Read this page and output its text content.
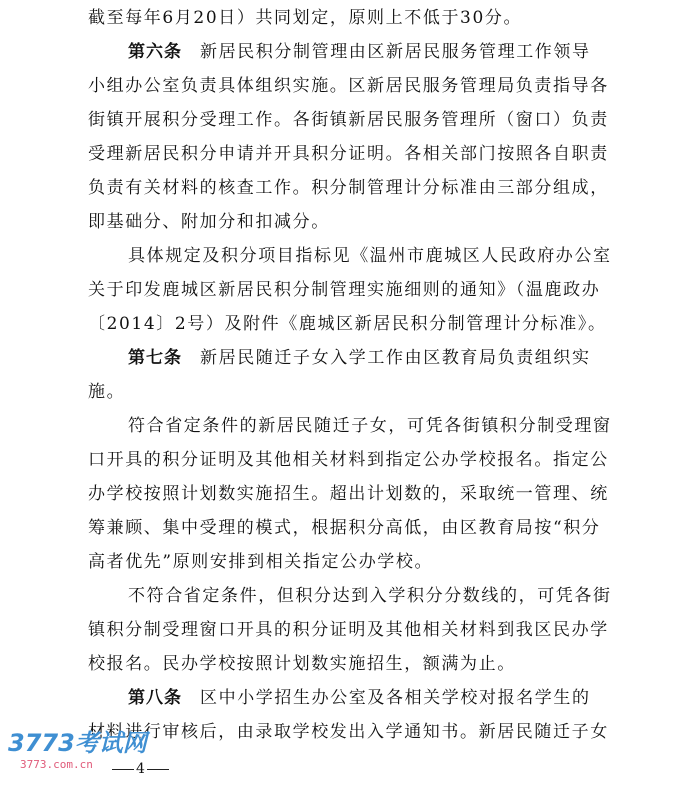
截至每年6月20日）共同划定，原则上不低于30分。
第六条 新居民积分制管理由区新居民服务管理工作领导
小组办公室负责具体组织实施。区新居民服务管理局负责指导各
街镇开展积分受理工作。各街镇新居民服务管理所（窗口）负责
受理新居民积分申请并开具积分证明。各相关部门按照各自职责
负责有关材料的核查工作。积分制管理计分标准由三部分组成，
即基础分、附加分和扣减分。
具体规定及积分项目指标见《温州市鹿城区人民政府办公室
关于印发鹿城区新居民积分制管理实施细则的通知》（温鹿政办
〔2014〕2号）及附件《鹿城区新居民积分制管理计分标准》。
第七条 新居民随迁子女入学工作由区教育局负责组织实
施。
符合省定条件的新居民随迁子女，可凭各街镇积分制受理窗
口开具的积分证明及其他相关材料到指定公办学校报名。指定公
办学校按照计划数实施招生。超出计划数的，采取统一管理、统
筹兼顾、集中受理的模式，根据积分高低，由区教育局按“积分
高者优先”原则安排到相关指定公办学校。
不符合省定条件，但积分达到入学积分分数线的，可凭各街
镇积分制受理窗口开具的积分证明及其他相关材料到我区民办学
校报名。民办学校按照计划数实施招生，额满为止。
第八条 区中小学招生办公室及各相关学校对报名学生的
材料进行审核后，由录取学校发出入学通知书。新居民随迁子女
4
3773考试网
3773.com.cn
